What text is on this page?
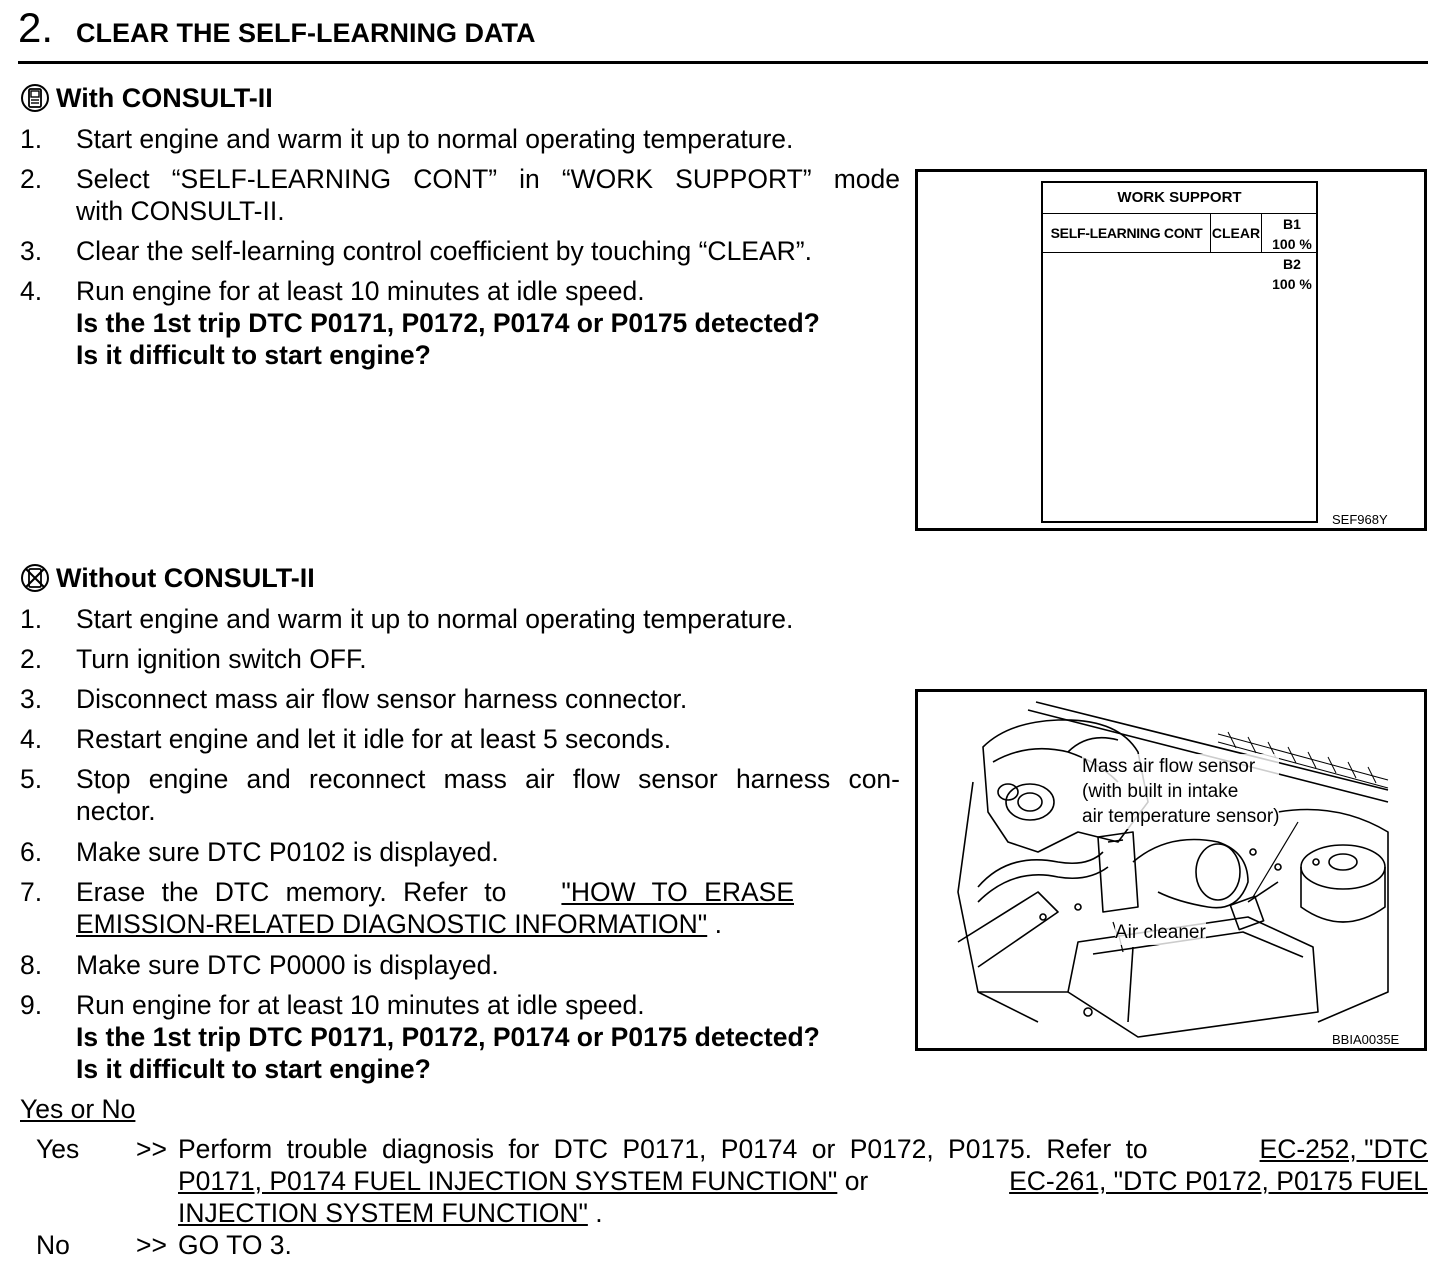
2. CLEAR THE SELF-LEARNING DATA
With CONSULT-II
1. Start engine and warm it up to normal operating temperature.
2. Select “SELF-LEARNING CONT” in “WORK SUPPORT” mode
with CONSULT-II.
3. Clear the self-learning control coefficient by touching “CLEAR”.
4. Run engine for at least 10 minutes at idle speed.
Is the 1st trip DTC P0171, P0172, P0174 or P0175 detected?
Is it difficult to start engine?
WORK SUPPORT
SELF-LEARNING CONT CLEAR
B1
100 %
B2
100 %
SEF968Y
Without CONSULT-II
1. Start engine and warm it up to normal operating temperature.
2. Turn ignition switch OFF.
3. Disconnect mass air flow sensor harness connector.
4. Restart engine and let it idle for at least 5 seconds.
5. Stop engine and reconnect mass air flow sensor harness con-
nector.
6. Make sure DTC P0102 is displayed.
7. Erase the DTC memory. Refer to "HOW TO ERASE
EMISSION-RELATED DIAGNOSTIC INFORMATION" .
8. Make sure DTC P0000 is displayed.
9. Run engine for at least 10 minutes at idle speed.
Is the 1st trip DTC P0171, P0172, P0174 or P0175 detected?
Is it difficult to start engine?
Mass air flow sensor
(with built in intake
air temperature sensor)
Air cleaner
BBIA0035E
Yes or No
Yes >> Perform trouble diagnosis for DTC P0171, P0174 or P0172, P0175. Refer to	EC-252, "DTC
P0171, P0174 FUEL INJECTION SYSTEM FUNCTION" or	EC-261, "DTC P0172, P0175 FUEL
INJECTION SYSTEM FUNCTION" .
No >> GO TO 3.
